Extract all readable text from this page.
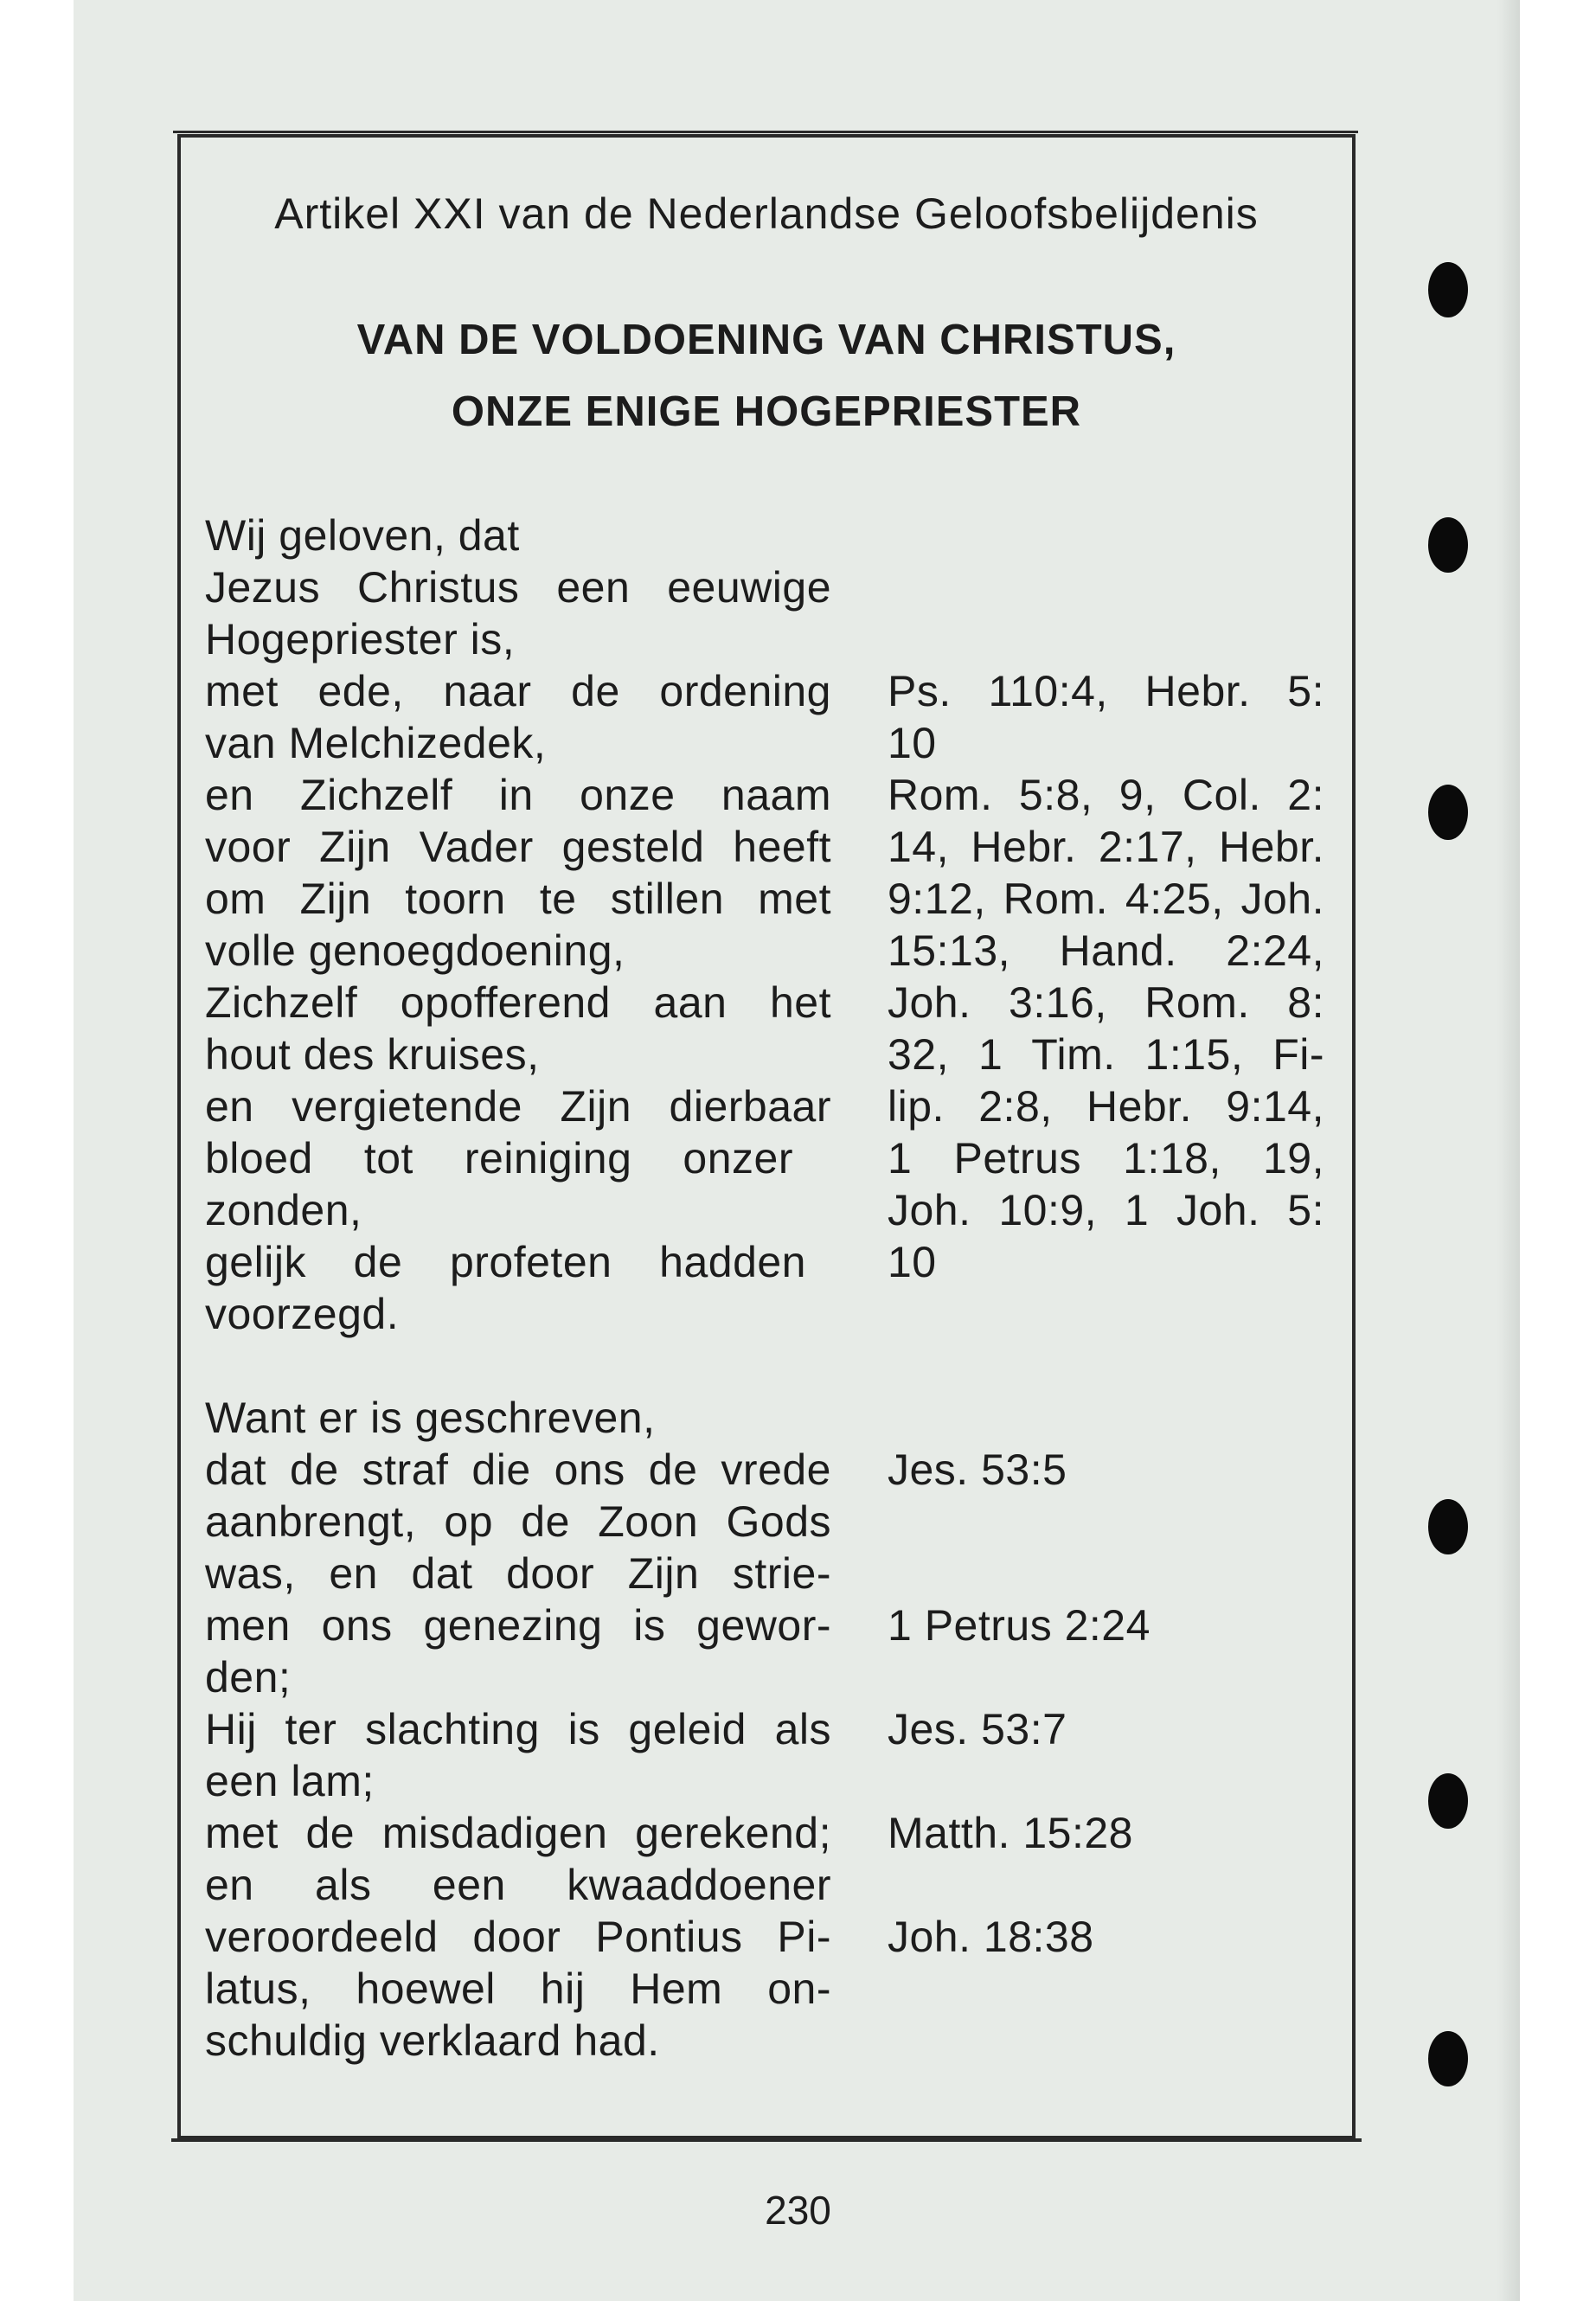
Artikel XXI van de Nederlandse Geloofsbelijdenis
VAN DE VOLDOENING VAN CHRISTUS,
ONZE ENIGE HOGEPRIESTER
Wij geloven, dat
Jezus Christus een eeuwige
Hogepriester is,
met ede, naar de ordening
van Melchizedek,
en Zichzelf in onze naam
voor Zijn Vader gesteld heeft
om Zijn toorn te stillen met
volle genoegdoening,
Zichzelf opofferend aan het
hout des kruises,
en vergietende Zijn dierbaar
bloed tot reiniging onzer
zonden,
gelijk de profeten hadden
voorzegd.
Ps. 110:4, Hebr. 5:
10
Rom. 5:8, 9, Col. 2:
14, Hebr. 2:17, Hebr.
9:12, Rom. 4:25, Joh.
15:13, Hand. 2:24,
Joh. 3:16, Rom. 8:
32, 1 Tim. 1:15, Fi-
lip. 2:8, Hebr. 9:14,
1 Petrus 1:18, 19,
Joh. 10:9, 1 Joh. 5:
10
Want er is geschreven,
dat de straf die ons de vrede
aanbrengt, op de Zoon Gods
was, en dat door Zijn strie-
men ons genezing is gewor-
den;
Hij ter slachting is geleid als
een lam;
met de misdadigen gerekend;
en als een kwaaddoener
veroordeeld door Pontius Pi-
latus, hoewel hij Hem on-
schuldig verklaard had.
Jes. 53:5
1 Petrus 2:24
Jes. 53:7
Matth. 15:28
Joh. 18:38
230
